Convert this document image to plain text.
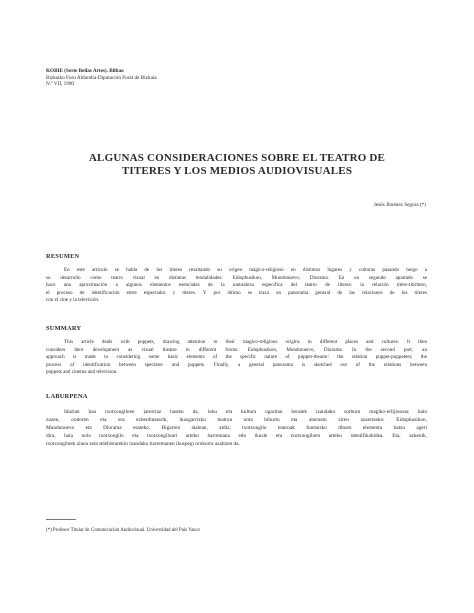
KOBIE (Serie Bellas Artes). Bilbao
Bizkaiko Foru Aldundia-Diputación Foral de Bizkaia
N.º VII, 1990
ALGUNAS CONSIDERACIONES SOBRE EL TEATRO DE
TITERES Y LOS MEDIOS AUDIOVISUALES
Jesús Jiménez Segura (*)
RESUMEN
En este artículo se habla de los títeres resaltando su origen mágico-religioso en distintos lugares y culturas pasando luego a
su desarrollo como teatro visual en distintas modalidades: Eidophusikon, Mundonuevo, Diorama. En un segundo apartado se
hace una aproximación a algunos elementos esenciales de la naturaleza específica del teatro de títeres: la relación títere-titiritero,
el proceso de identificación entre espectador y títeres. Y por último se traza un panorama general de las relaciones de los títeres
con el cine y la televisión.
SUMMARY
This article deals with puppets, drawing attention to their magico-religious origins in different places and cultures. It then
considers their development as visual theatre in different forms: Eidophusikon, Mundonuevo, Diorama. In the second part, an
approach is made to considering some basic elements of the specific nature of puppet-theatre: the relation puppet-puppeteer, the
process of identification between spectator and puppets. Finally, a general panorama is sketched out of the relations between
puppets and cinema and television.
LABURPENA
Idazlan hau txotxongiloen jatorriaz hasten da, leku eta kultura ugaritan beraiek izandako sorburu magiko-erlijiosoaz hain
zuzen, ondoren eta era ezberdinetarik, ikusgarrizko teatroa nola bihurtu eta aberastu ziren azaertzeko: Eidophusikon,
Mundonuevo eta Diorama esateko. Bigarren atalean, aldiz, txotxongilo teatroak funtsezko dituen elementu batzu ageri
dira, hala nola txotxongilo eta txotxongiloari arteko harremana edo ikusle eta txotxongiloen arteko identifikabidea. Eta, azkenik,
txotxongiloek zinea zein telebistarekin izandako harremanen ikuspegi orokorra azaltzen da.
(*) Profesor Titular de Comunicación Audiovisual. Universidad del País Vasco
